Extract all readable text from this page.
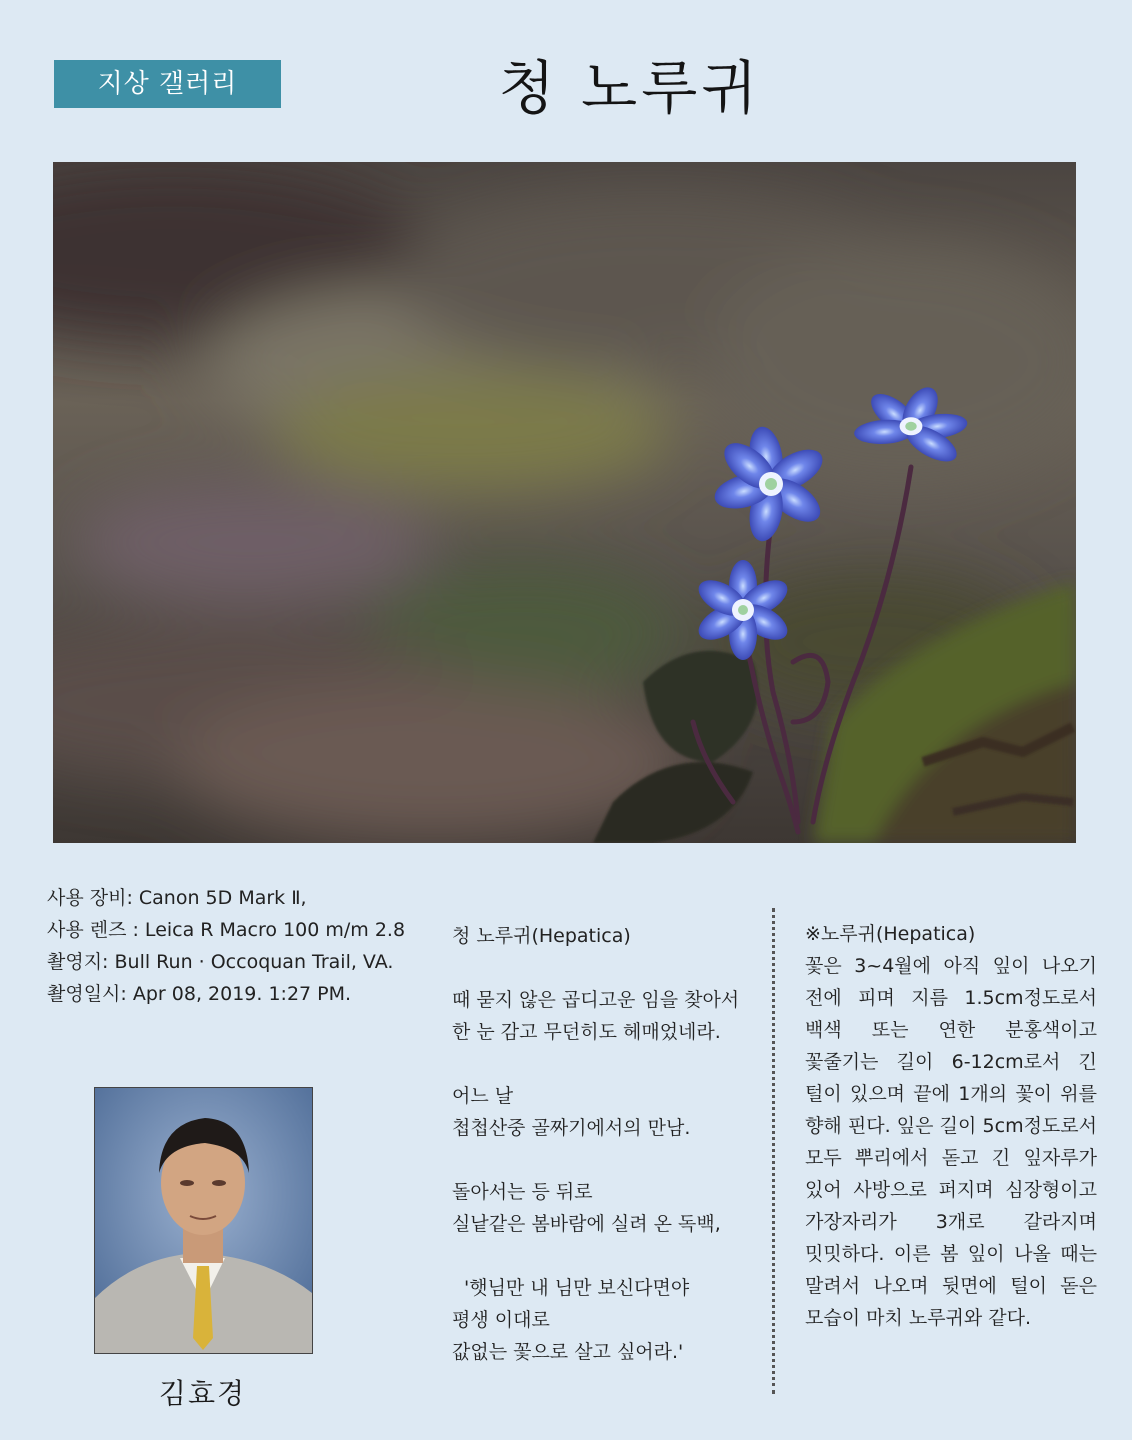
지상 갤러리	청 노루귀
사용 장비: Canon 5D Mark Ⅱ,
사용 렌즈 : Leica R Macro 100 m/m 2.8
촬영지: Bull Run · Occoquan Trail, VA.
촬영일시: Apr 08, 2019. 1:27 PM.
김효경
청 노루귀(Hepatica)
때 묻지 않은 곱디고운 임을 찾아서
한 눈 감고 무던히도 헤매었네라.
어느 날
첩첩산중 골짜기에서의 만남.
돌아서는 등 뒤로
실낱같은 봄바람에 실려 온 독백,
'햇님만 내 님만 보신다면야
평생 이대로
값없는 꽃으로 살고 싶어라.'
※노루귀(Hepatica)
꽃은 3~4월에 아직 잎이 나오기 전에 피며 지름 1.5cm정도로서 백색 또는 연한 분홍색이고 꽃줄기는 길이 6-12cm로서 긴 털이 있으며 끝에 1개의 꽃이 위를 향해 핀다. 잎은 길이 5cm정도로서 모두 뿌리에서 돋고 긴 잎자루가 있어 사방으로 퍼지며 심장형이고 가장자리가 3개로 갈라지며 밋밋하다. 이른 봄 잎이 나올 때는 말려서 나오며 뒷면에 털이 돋은 모습이 마치 노루귀와 같다.
